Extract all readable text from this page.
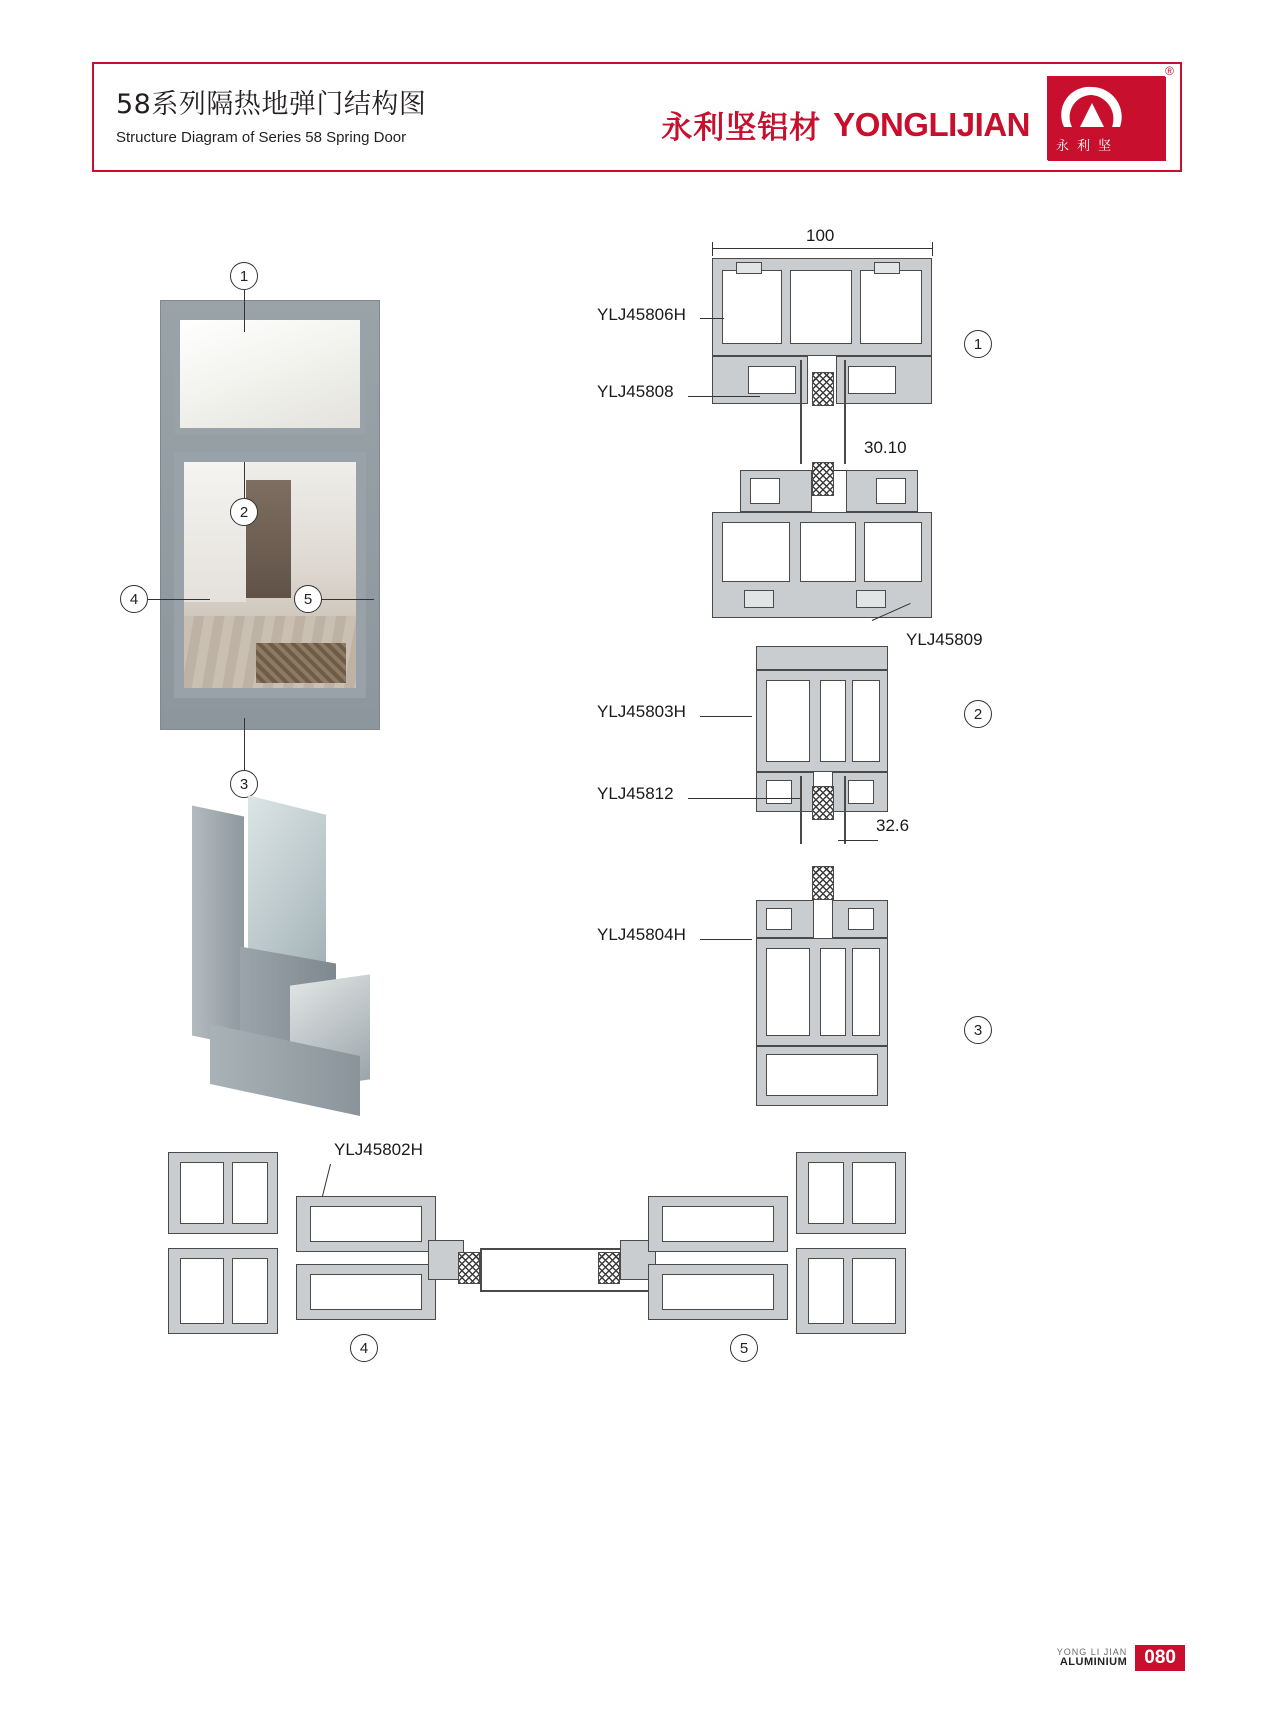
58系列隔热地弹门结构图
Structure Diagram of Series 58 Spring Door	永利坚铝材 YONGLIJIAN
永利坚
®
1
2
3
4	5
100
30.10
YLJ45806H
YLJ45808
YLJ45809
1
32.6
YLJ45803H
YLJ45812
2
YLJ45804H
3
YLJ45802H
4	5
YONG LI JIAN
ALUMINIUM 080
